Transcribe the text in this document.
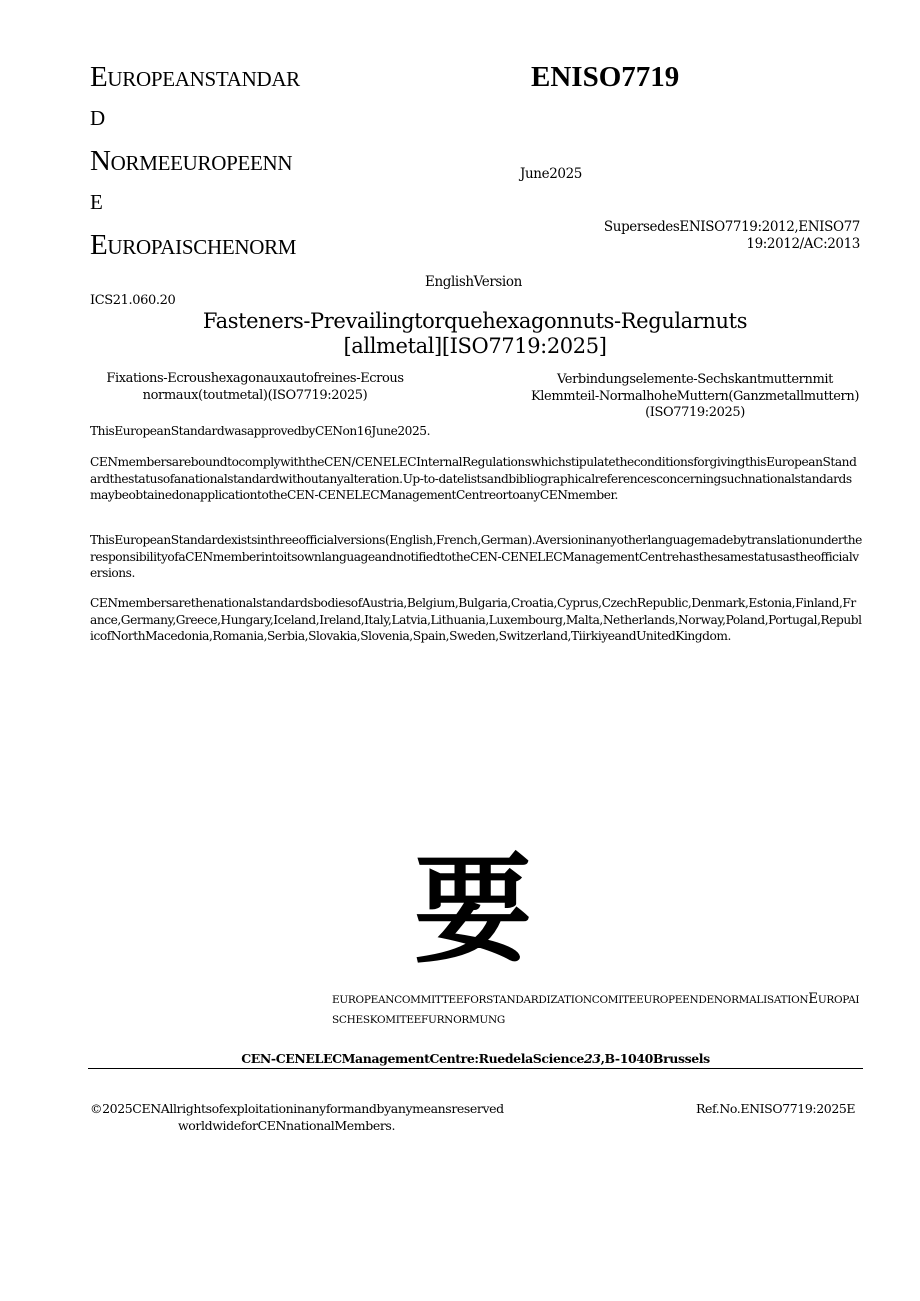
EUROPEANSTANDAR
D
NORMEEUROPEENN
E
EUROPAISCHENORM
ENISO7719
June2025
SupersedesENISO7719:2012,ENISO77
19:2012/AC:2013
EnglishVersion
ICS21.060.20
Fasteners-Prevailingtorquehexagonnuts-Regularnuts
[allmetal][ISO7719:2025]
Fixations-Ecroushexagonauxautofreines-Ecrous
normaux(toutmetal)(ISO7719:2025)
Verbindungselemente-Sechskantmutternmit
Klemmteil-NormalhoheMuttern(Ganzmetallmuttern)
(ISO7719:2025)
ThisEuropeanStandardwasapprovedbyCENon16June2025.
CENmembersareboundtocomplywiththeCEN/CENELECInternalRegulationswhichstipulatetheconditionsforgivingthisEuropeanStandardthestatusofanationalstandardwithoutanyalteration.Up-to-datelistsandbibliographicalreferencesconcerningsuchnationalstandardsmaybeobtainedonapplicationtotheCEN-CENELECManagementCentreortoanyCENmember.
ThisEuropeanStandardexistsinthreeofficialversions(English,French,German).AversioninanyotherlanguagemadebytranslationundertheresponsibilityofaCENmemberintoitsownlanguageandnotifiedtotheCEN-CENELECManagementCentrehasthesamestatusastheofficialversions.
CENmembersarethenationalstandardsbodiesofAustria,Belgium,Bulgaria,Croatia,Cyprus,CzechRepublic,Denmark,Estonia,Finland,France,Germany,Greece,Hungary,Iceland,Ireland,Italy,Latvia,Lithuania,Luxembourg,Malta,Netherlands,Norway,Poland,Portugal,RepublicofNorthMacedonia,Romania,Serbia,Slovakia,Slovenia,Spain,Sweden,Switzerland,TiirkiyeandUnitedKingdom.
要
EUROPEANCOMMITTEEFORSTANDARDIZATIONCOMITEEUROPEENDENORMALISATIONEUROPAISCHESKOMITEEFURNORMUNG
CEN-CENELECManagementCentre:RuedelaScience23,B-1040Brussels
©2025CENAllrightsofexploitationinanyformandbyanymeansreserved
worldwideforCENnationalMembers.
Ref.No.ENISO7719:2025E
